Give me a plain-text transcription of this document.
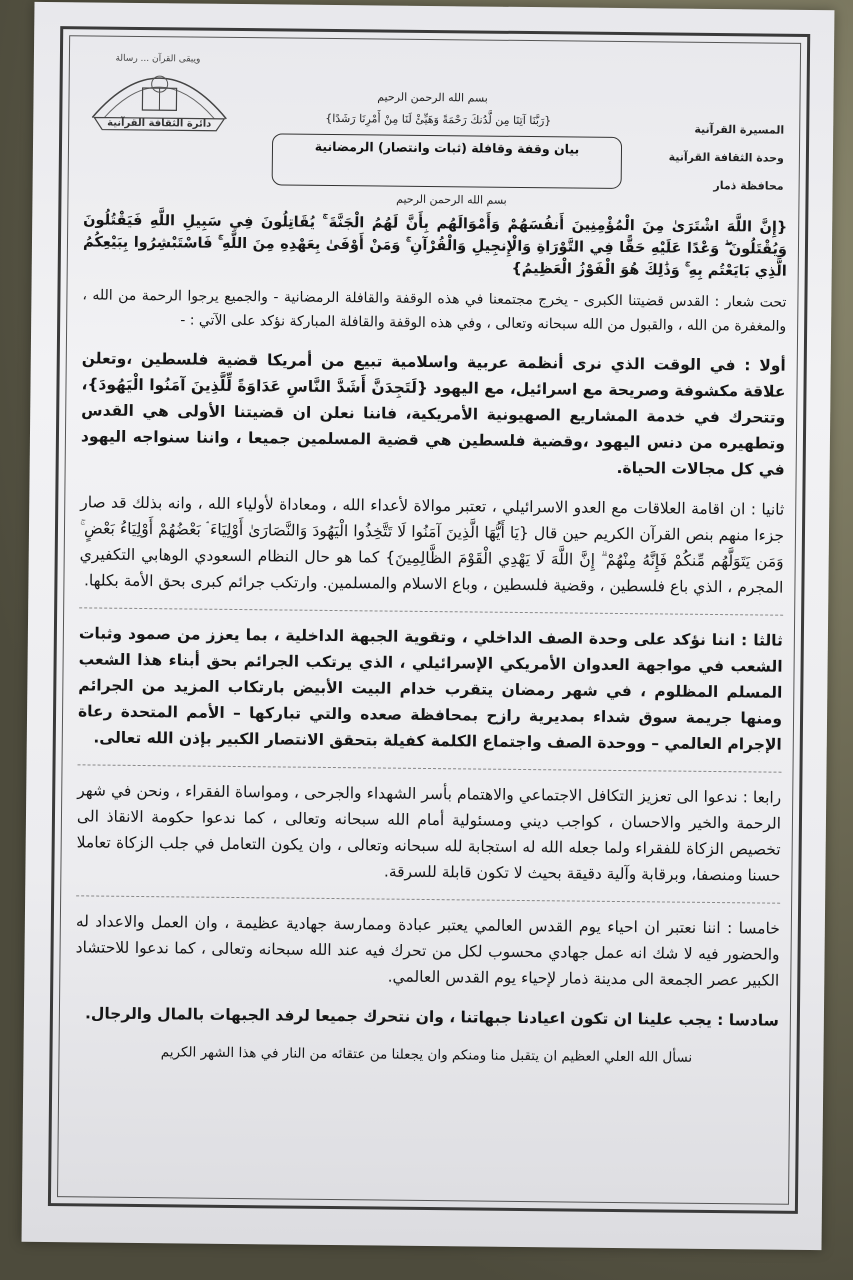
ويبقى القرآن ... رسالة
دائرة الثقافة القرآنية
بسم الله الرحمن الرحيم
{رَبَّنَا آتِنَا مِن لَّدُنكَ رَحْمَةً وَهَيِّئْ لَنَا مِنْ أَمْرِنَا رَشَدًا}
بيان وقفة وقافلة (ثبات وانتصار) الرمضانية
المسيرة القرآنية
وحدة الثقافة القرآنية
محافظة ذمار
بسم الله الرحمن الرحيم

{إِنَّ اللَّهَ اشْتَرَىٰ مِنَ الْمُؤْمِنِينَ أَنفُسَهُمْ وَأَمْوَالَهُم بِأَنَّ لَهُمُ الْجَنَّةَ ۚ يُقَاتِلُونَ فِي سَبِيلِ اللَّهِ فَيَقْتُلُونَ وَيُقْتَلُونَ ۖ وَعْدًا عَلَيْهِ حَقًّا فِي التَّوْرَاةِ وَالْإِنجِيلِ وَالْقُرْآنِ ۚ وَمَنْ أَوْفَىٰ بِعَهْدِهِ مِنَ اللَّهِ ۚ فَاسْتَبْشِرُوا بِبَيْعِكُمُ الَّذِي بَايَعْتُم بِهِ ۚ وَذَٰلِكَ هُوَ الْفَوْزُ الْعَظِيمُ}

تحت شعار : القدس قضيتنا الكبرى - يخرج مجتمعنا في هذه الوقفة والقافلة الرمضانية - والجميع يرجوا الرحمة من الله ، والمغفرة من الله ، والقبول من الله سبحانه وتعالى ، وفي هذه الوقفة والقافلة المباركة نؤكد على الآتي : -

أولا : في الوقت الذي نرى أنظمة عربية واسلامية تبيع من أمريكا قضية فلسطين ،وتعلن علاقة مكشوفة وصريحة مع اسرائيل، مع اليهود {لَتَجِدَنَّ أَشَدَّ النَّاسِ عَدَاوَةً لِّلَّذِينَ آمَنُوا الْيَهُودَ}، وتتحرك في خدمة المشاريع الصهيونية الأمريكية، فاننا نعلن ان قضيتنا الأولى هي القدس وتطهيره من دنس اليهود ،وقضية فلسطين هي قضية المسلمين جميعا ، واننا سنواجه اليهود في كل مجالات الحياة.

ثانيا : ان اقامة العلاقات مع العدو الاسرائيلي ، تعتبر موالاة لأعداء الله ، ومعاداة لأولياء الله ، وانه بذلك قد صار جزءا منهم بنص القرآن الكريم حين قال {يَا أَيُّهَا الَّذِينَ آمَنُوا لَا تَتَّخِذُوا الْيَهُودَ وَالنَّصَارَىٰ أَوْلِيَاءَ ۘ بَعْضُهُمْ أَوْلِيَاءُ بَعْضٍ ۚ وَمَن يَتَوَلَّهُم مِّنكُمْ فَإِنَّهُ مِنْهُمْ ۗ إِنَّ اللَّهَ لَا يَهْدِي الْقَوْمَ الظَّالِمِينَ} كما هو حال النظام السعودي الوهابي التكفيري المجرم ، الذي باع فلسطين ، وقضية فلسطين ، وباع الاسلام والمسلمين. وارتكب جرائم كبرى بحق الأمة بكلها.

ثالثا : اننا نؤكد على وحدة الصف الداخلي ، وتقوية الجبهة الداخلية ، بما يعزز من صمود وثبات الشعب في مواجهة العدوان الأمريكي الإسرائيلي ، الذي يرتكب الجرائم بحق أبناء هذا الشعب المسلم المظلوم ، في شهر رمضان يتقرب خدام البيت الأبيض بارتكاب المزيد من الجرائم ومنها جريمة سوق شداء بمديرية رازح بمحافظة صعده والتي تباركها – الأمم المتحدة رعاة الإجرام العالمي – ووحدة الصف واجتماع الكلمة كفيلة بتحقق الانتصار الكبير بإذن الله تعالى.

رابعا : ندعوا الى تعزيز التكافل الاجتماعي والاهتمام بأسر الشهداء والجرحى ، ومواساة الفقراء ، ونحن في شهر الرحمة والخير والاحسان ، كواجب ديني ومسئولية أمام الله سبحانه وتعالى ، كما ندعوا حكومة الانقاذ الى تخصيص الزكاة للفقراء ولما جعله الله له استجابة لله سبحانه وتعالى ، وان يكون التعامل في جلب الزكاة تعاملا حسنا ومنصفا، وبرقابة وآلية دقيقة بحيث لا تكون قابلة للسرقة.

خامسا : اننا نعتبر ان احياء يوم القدس العالمي يعتبر عبادة وممارسة جهادية عظيمة ، وان العمل والاعداد له والحضور فيه لا شك انه عمل جهادي محسوب لكل من تحرك فيه عند الله سبحانه وتعالى ، كما ندعوا للاحتشاد الكبير عصر الجمعة الى مدينة ذمار لإحياء يوم القدس العالمي.

سادسا : يجب علينا ان تكون اعيادنا جبهاتنا ، وان نتحرك جميعا لرفد الجبهات بالمال والرجال.

نسأل الله العلي العظيم ان يتقبل منا ومنكم وان يجعلنا من عتقائه من النار في هذا الشهر الكريم
